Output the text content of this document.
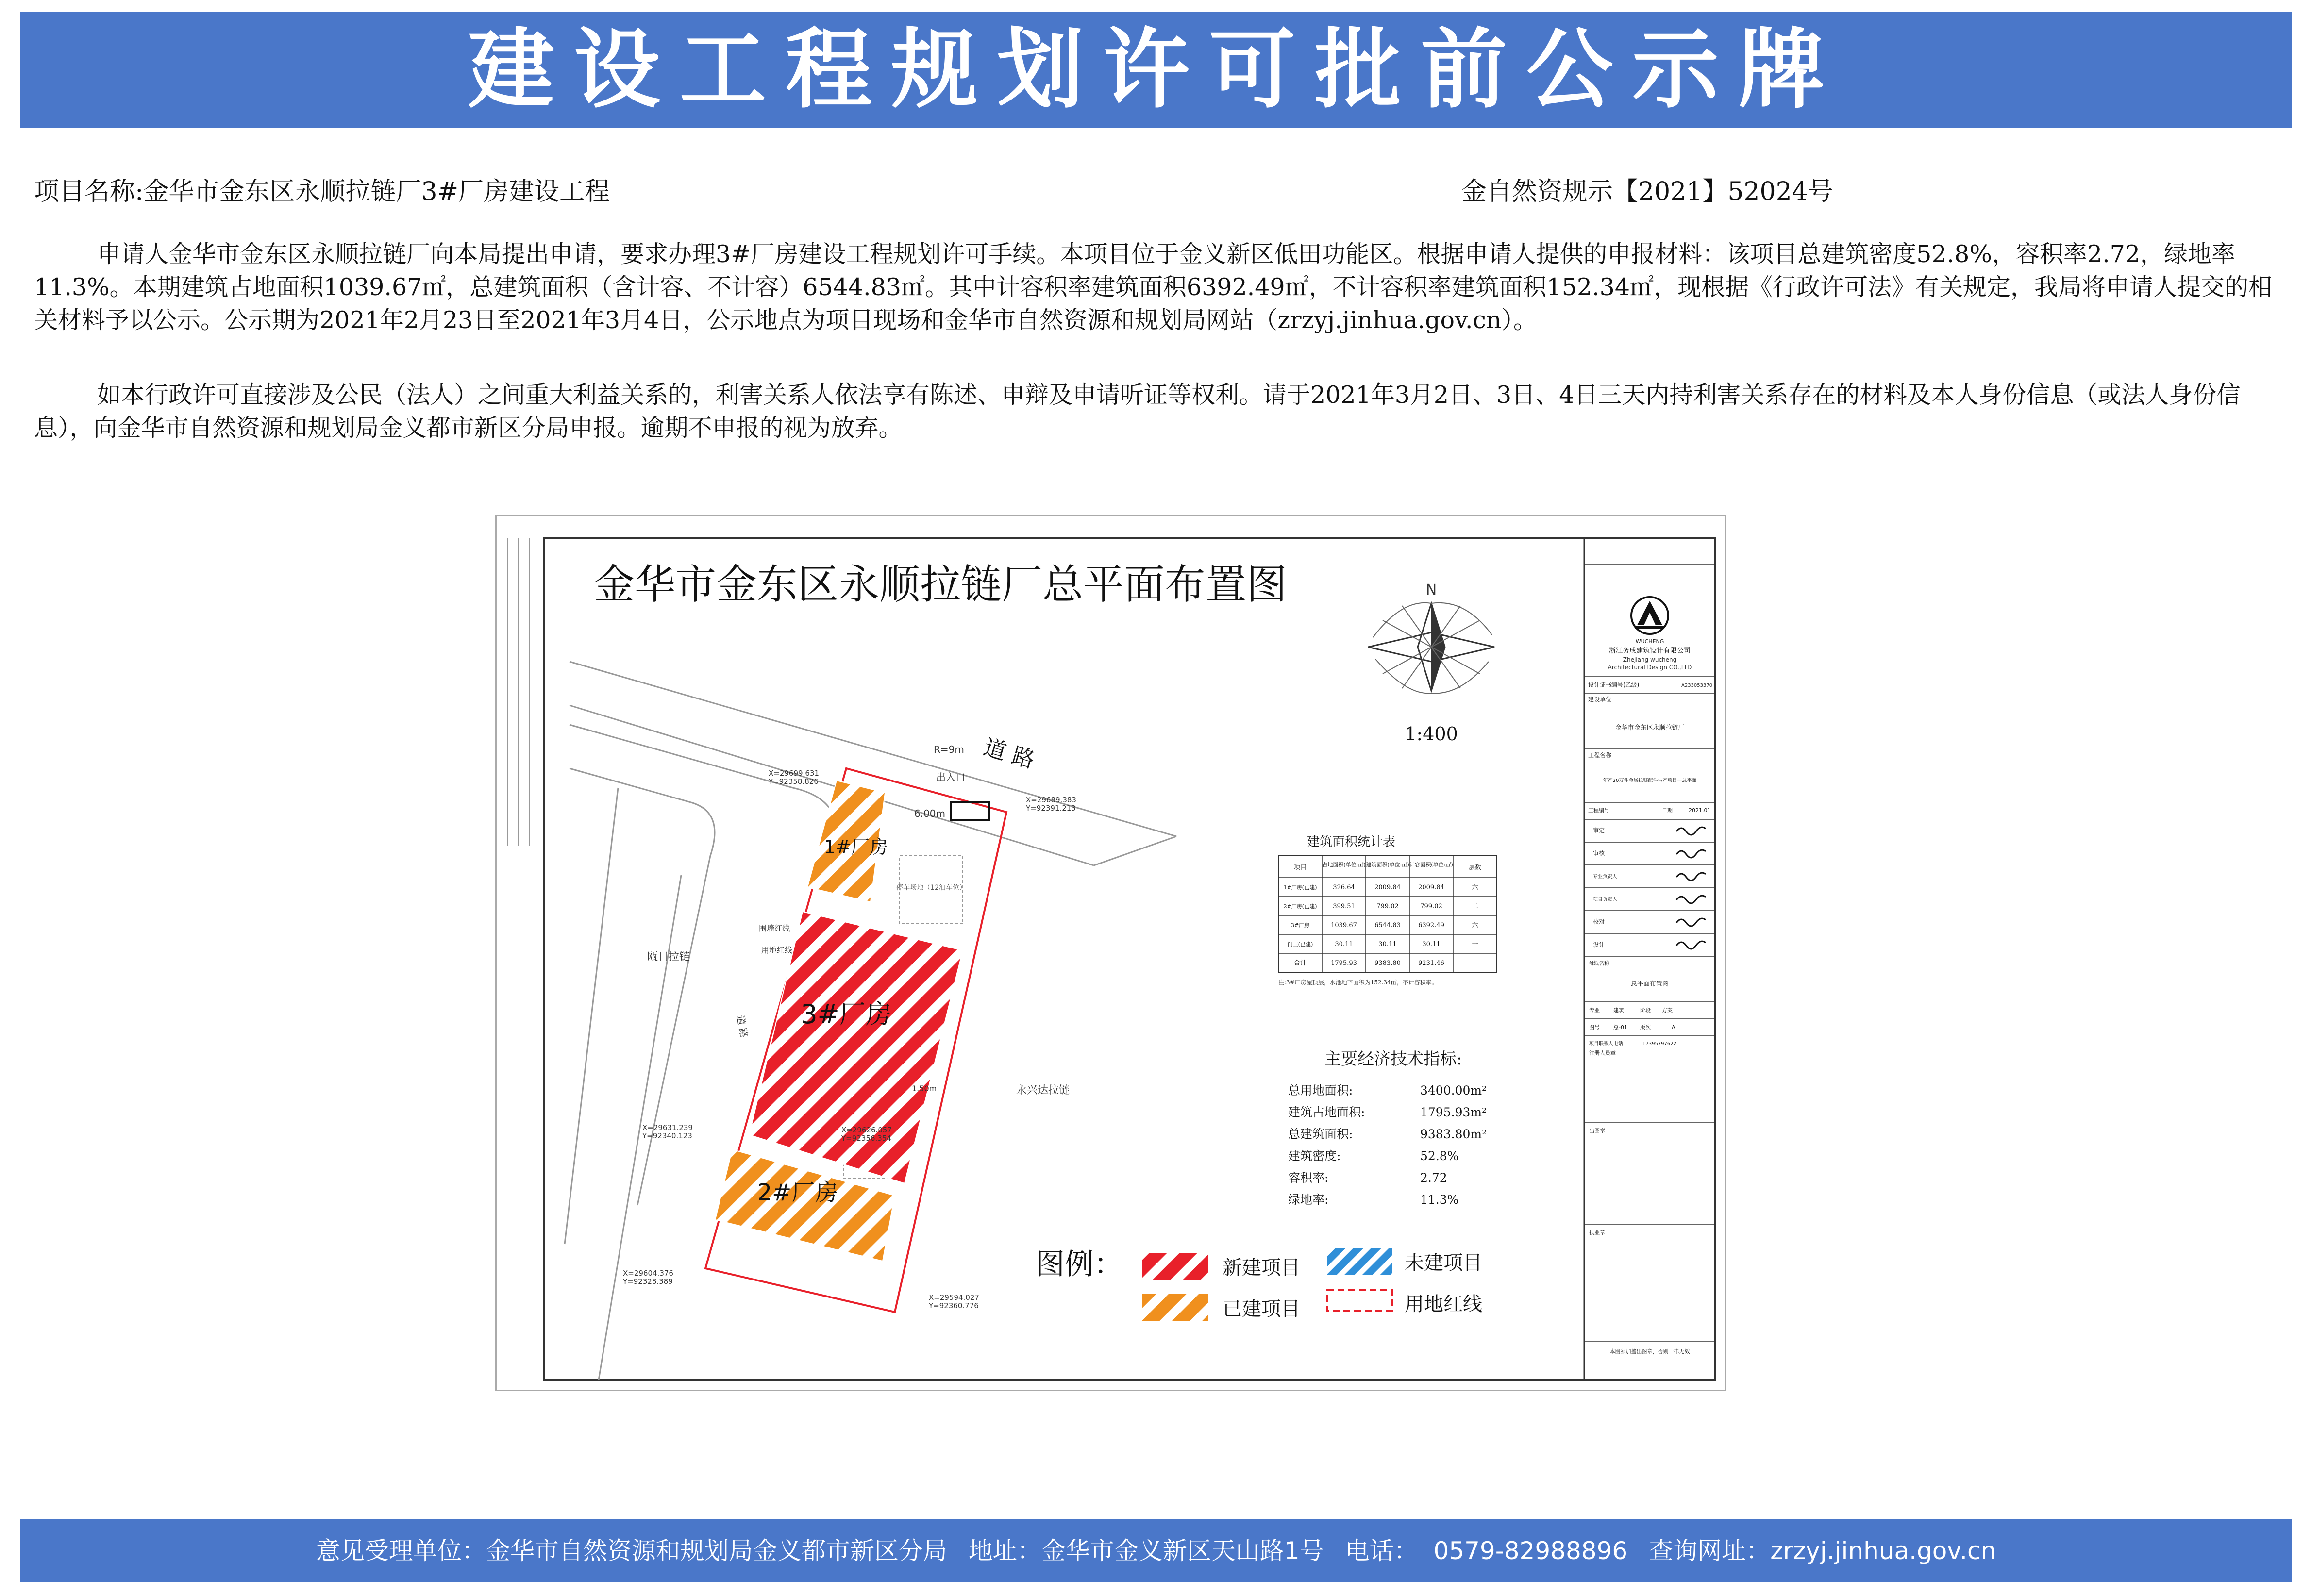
建设工程规划许可批前公示牌
项目名称:金华市金东区永顺拉链厂3#厂房建设工程	金自然资规示【2021】52024号

申请人金华市金东区永顺拉链厂向本局提出申请，要求办理3#厂房建设工程规划许可手续。本项目位于金义新区低田功能区。根据申请人提供的申报材料：该项目总建筑密度52.8%，容积率2.72，绿地率11.3%。本期建筑占地面积1039.67㎡，总建筑面积（含计容、不计容）6544.83㎡。其中计容积率建筑面积6392.49㎡，不计容积率建筑面积152.34㎡，现根据《行政许可法》有关规定，我局将申请人提交的相关材料予以公示。公示期为2021年2月23日至2021年3月4日，公示地点为项目现场和金华市自然资源和规划局网站（zrzyj.jinhua.gov.cn）。

如本行政许可直接涉及公民（法人）之间重大利益关系的，利害关系人依法享有陈述、申辩及申请听证等权利。请于2021年3月2日、3日、4日三天内持利害关系存在的材料及本人身份信息（或法人身份信息），向金华市自然资源和规划局金义都市新区分局申报。逾期不申报的视为放弃。

金华市金东区永顺拉链厂总平面布置图	N
1:400
道 路
R=9m
出入口
6.00m
停车场地（12泊车位）
1#厂房
3#厂房
2#厂房
瓯日拉链
永兴达拉链
围墙红线
用地红线
道 路
1.50m
X=29699.631
Y=92358.826
X=29689.383
Y=92391.213
X=29631.239
Y=92340.123
X=29626.057
Y=92356.354
X=29604.376
Y=92328.389
X=29594.027
Y=92360.776
建筑面积统计表
项目	占地面积(单位:㎡) 建筑面积(单位:㎡) 计容面积(单位:㎡) 层数
1#厂房(已建)	326.64	2009.84	2009.84	六
2#厂房(已建)	399.51	799.02	799.02	二
3#厂房	1039.67	6544.83	6392.49	六
门卫(已建)	30.11	30.11	30.11	一
合计	1795.93	9383.80	9231.46
注:3#厂房屋顶层，水池地下面积为152.34㎡，不计容积率。
主要经济技术指标:
总用地面积:	3400.00m²
建筑占地面积:	1795.93m²
总建筑面积:	9383.80m²
建筑密度:	52.8%
容积率:	2.72
绿地率:	11.3%
图例：	新建项目	未建项目
已建项目	用地红线
WUCHENG
浙江务成建筑设计有限公司
Zhejiang wucheng
Architectural Design CO.,LTD
设计证书编号(乙级)	A233053370
建设单位
金华市金东区永顺拉链厂
工程名称
年产20万件金属拉链配件生产项目—总平面
工程编号	日期	2021.01
审定
审核
专业负责人
项目负责人
校对
设计
图纸名称
总平面布置图
专业	建筑	阶段 方案
图号	总-01 版次	A
项目联系人电话	17395797622
注册人员章
出图章
执业章
本图须加盖出图章，否则一律无效
意见受理单位：金华市自然资源和规划局金义都市新区分局 地址：金华市金义新区天山路1号 电话：  0579-82988896 查询网址：zrzyj.jinhua.gov.cn
